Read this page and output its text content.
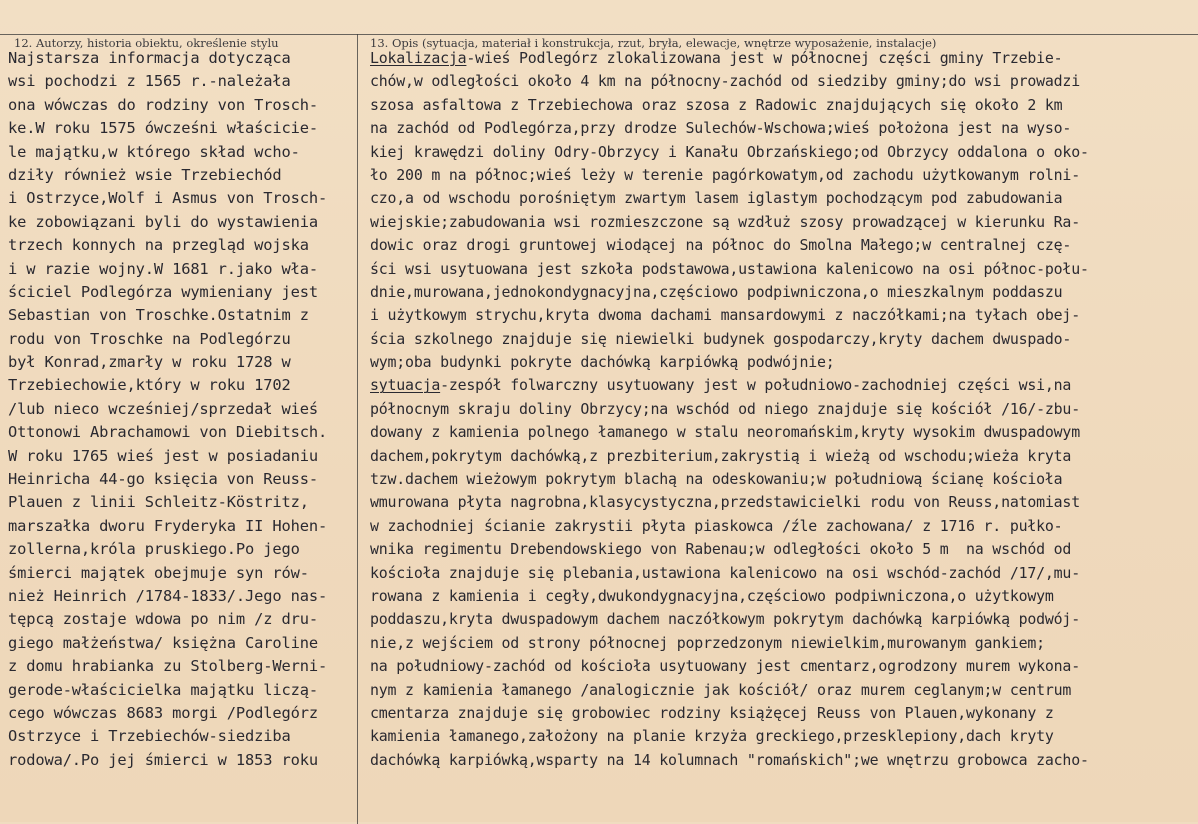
12. Autorzy, historia obiektu, określenie stylu	13. Opis (sytuacja, materiał i konstrukcja, rzut, bryła, elewacje, wnętrze wyposażenie, instalacje)
Najstarsza informacja dotycząca
wsi pochodzi z 1565 r.-należała
ona wówczas do rodziny von Trosch-
ke.W roku 1575 ówcześni właścicie-
le majątku,w którego skład wcho-
dziły również wsie Trzebiechód
i Ostrzyce,Wolf i Asmus von Trosch-
ke zobowiązani byli do wystawienia
trzech konnych na przegląd wojska
i w razie wojny.W 1681 r.jako wła-
ściciel Podlegórza wymieniany jest
Sebastian von Troschke.Ostatnim z
rodu von Troschke na Podlegórzu
był Konrad,zmarły w roku 1728 w
Trzebiechowie,który w roku 1702
/lub nieco wcześniej/sprzedał wieś
Ottonowi Abrachamowi von Diebitsch.
W roku 1765 wieś jest w posiadaniu
Heinricha 44-go księcia von Reuss-
Plauen z linii Schleitz-Köstritz,
marszałka dworu Fryderyka II Hohen-
zollerna,króla pruskiego.Po jego
śmierci majątek obejmuje syn rów-
nież Heinrich /1784-1833/.Jego nas-
tępcą zostaje wdowa po nim /z dru-
giego małżeństwa/ księżna Caroline
z domu hrabianka zu Stolberg-Werni-
gerode-właścicielka majątku liczą-
cego wówczas 8683 morgi /Podlegórz
Ostrzyce i Trzebiechów-siedziba
rodowa/.Po jej śmierci w 1853 roku
Lokalizacja-wieś Podlegórz zlokalizowana jest w północnej części gminy Trzebie-
chów,w odległości około 4 km na północny-zachód od siedziby gminy;do wsi prowadzi
szosa asfaltowa z Trzebiechowa oraz szosa z Radowic znajdujących się około 2 km
na zachód od Podlegórza,przy drodze Sulechów-Wschowa;wieś położona jest na wyso-
kiej krawędzi doliny Odry-Obrzycy i Kanału Obrzańskiego;od Obrzycy oddalona o oko-
ło 200 m na północ;wieś leży w terenie pagórkowatym,od zachodu użytkowanym rolni-
czo,a od wschodu porośniętym zwartym lasem iglastym pochodzącym pod zabudowania
wiejskie;zabudowania wsi rozmieszczone są wzdłuż szosy prowadzącej w kierunku Ra-
dowic oraz drogi gruntowej wiodącej na północ do Smolna Małego;w centralnej czę-
ści wsi usytuowana jest szkoła podstawowa,ustawiona kalenicowo na osi północ-połu-
dnie,murowana,jednokondygnacyjna,częściowo podpiwniczona,o mieszkalnym poddaszu
i użytkowym strychu,kryta dwoma dachami mansardowymi z naczółkami;na tyłach obej-
ścia szkolnego znajduje się niewielki budynek gospodarczy,kryty dachem dwuspado-
wym;oba budynki pokryte dachówką karpiówką podwójnie;
sytuacja-zespół folwarczny usytuowany jest w południowo-zachodniej części wsi,na
północnym skraju doliny Obrzycy;na wschód od niego znajduje się kościół /16/-zbu-
dowany z kamienia polnego łamanego w stalu neoromańskim,kryty wysokim dwuspadowym
dachem,pokrytym dachówką,z prezbiterium,zakrystią i wieżą od wschodu;wieża kryta
tzw.dachem wieżowym pokrytym blachą na odeskowaniu;w południową ścianę kościoła
wmurowana płyta nagrobna,klasycystyczna,przedstawicielki rodu von Reuss,natomiast
w zachodniej ścianie zakrystii płyta piaskowca /źle zachowana/ z 1716 r. pułko-
wnika regimentu Drebendowskiego von Rabenau;w odległości około 5 m  na wschód od
kościoła znajduje się plebania,ustawiona kalenicowo na osi wschód-zachód /17/,mu-
rowana z kamienia i cegły,dwukondygnacyjna,częściowo podpiwniczona,o użytkowym
poddaszu,kryta dwuspadowym dachem naczółkowym pokrytym dachówką karpiówką podwój-
nie,z wejściem od strony północnej poprzedzonym niewielkim,murowanym gankiem;
na południowy-zachód od kościoła usytuowany jest cmentarz,ogrodzony murem wykona-
nym z kamienia łamanego /analogicznie jak kościół/ oraz murem ceglanym;w centrum
cmentarza znajduje się grobowiec rodziny książęcej Reuss von Plauen,wykonany z
kamienia łamanego,założony na planie krzyża greckiego,przesklepiony,dach kryty
dachówką karpiówką,wsparty na 14 kolumnach "romańskich";we wnętrzu grobowca zacho-
